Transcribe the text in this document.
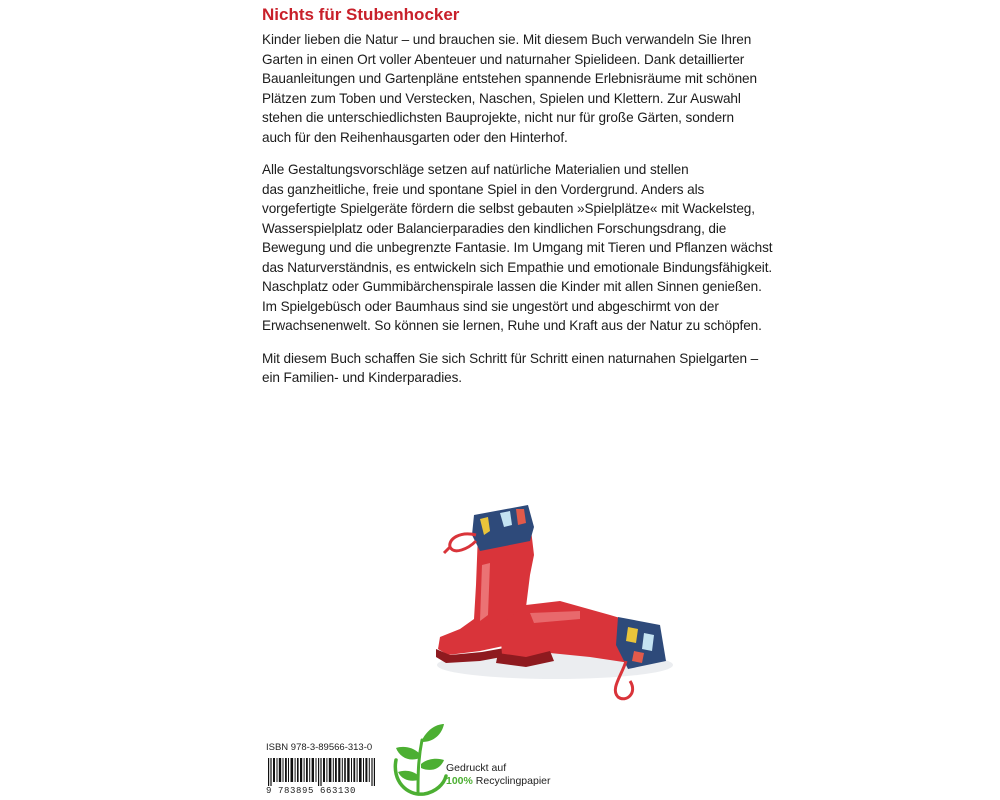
Nichts für Stubenhocker

Kinder lieben die Natur – und brauchen sie. Mit diesem Buch verwandeln Sie Ihren
Garten in einen Ort voller Abenteuer und naturnaher Spielideen. Dank detaillierter
Bauanleitungen und Gartenpläne entstehen spannende Erlebnisräume mit schönen
Plätzen zum Toben und Verstecken, Naschen, Spielen und Klettern. Zur Auswahl
stehen die unterschiedlichsten Bauprojekte, nicht nur für große Gärten, sondern
auch für den Reihenhausgarten oder den Hinterhof.

Alle Gestaltungsvorschläge setzen auf natürliche Materialien und stellen
das ganzheitliche, freie und spontane Spiel in den Vordergrund. Anders als
vorgefertigte Spielgeräte fördern die selbst gebauten »Spielplätze« mit Wackelsteg,
Wasserspielplatz oder Balancierparadies den kindlichen Forschungsdrang, die
Bewegung und die unbegrenzte Fantasie. Im Umgang mit Tieren und Pflanzen wächst
das Naturverständnis, es entwickeln sich Empathie und emotionale Bindungsfähigkeit.
Naschplatz oder Gummibärchenspirale lassen die Kinder mit allen Sinnen genießen.
Im Spielgebüsch oder Baumhaus sind sie ungestört und abgeschirmt von der
Erwachsenenwelt. So können sie lernen, Ruhe und Kraft aus der Natur zu schöpfen.

Mit diesem Buch schaffen Sie sich Schritt für Schritt einen naturnahen Spielgarten –
ein Familien- und Kinderparadies.

ISBN 978-3-89566-313-0
9 783895 663130
Gedruckt auf
100% Recyclingpapier
